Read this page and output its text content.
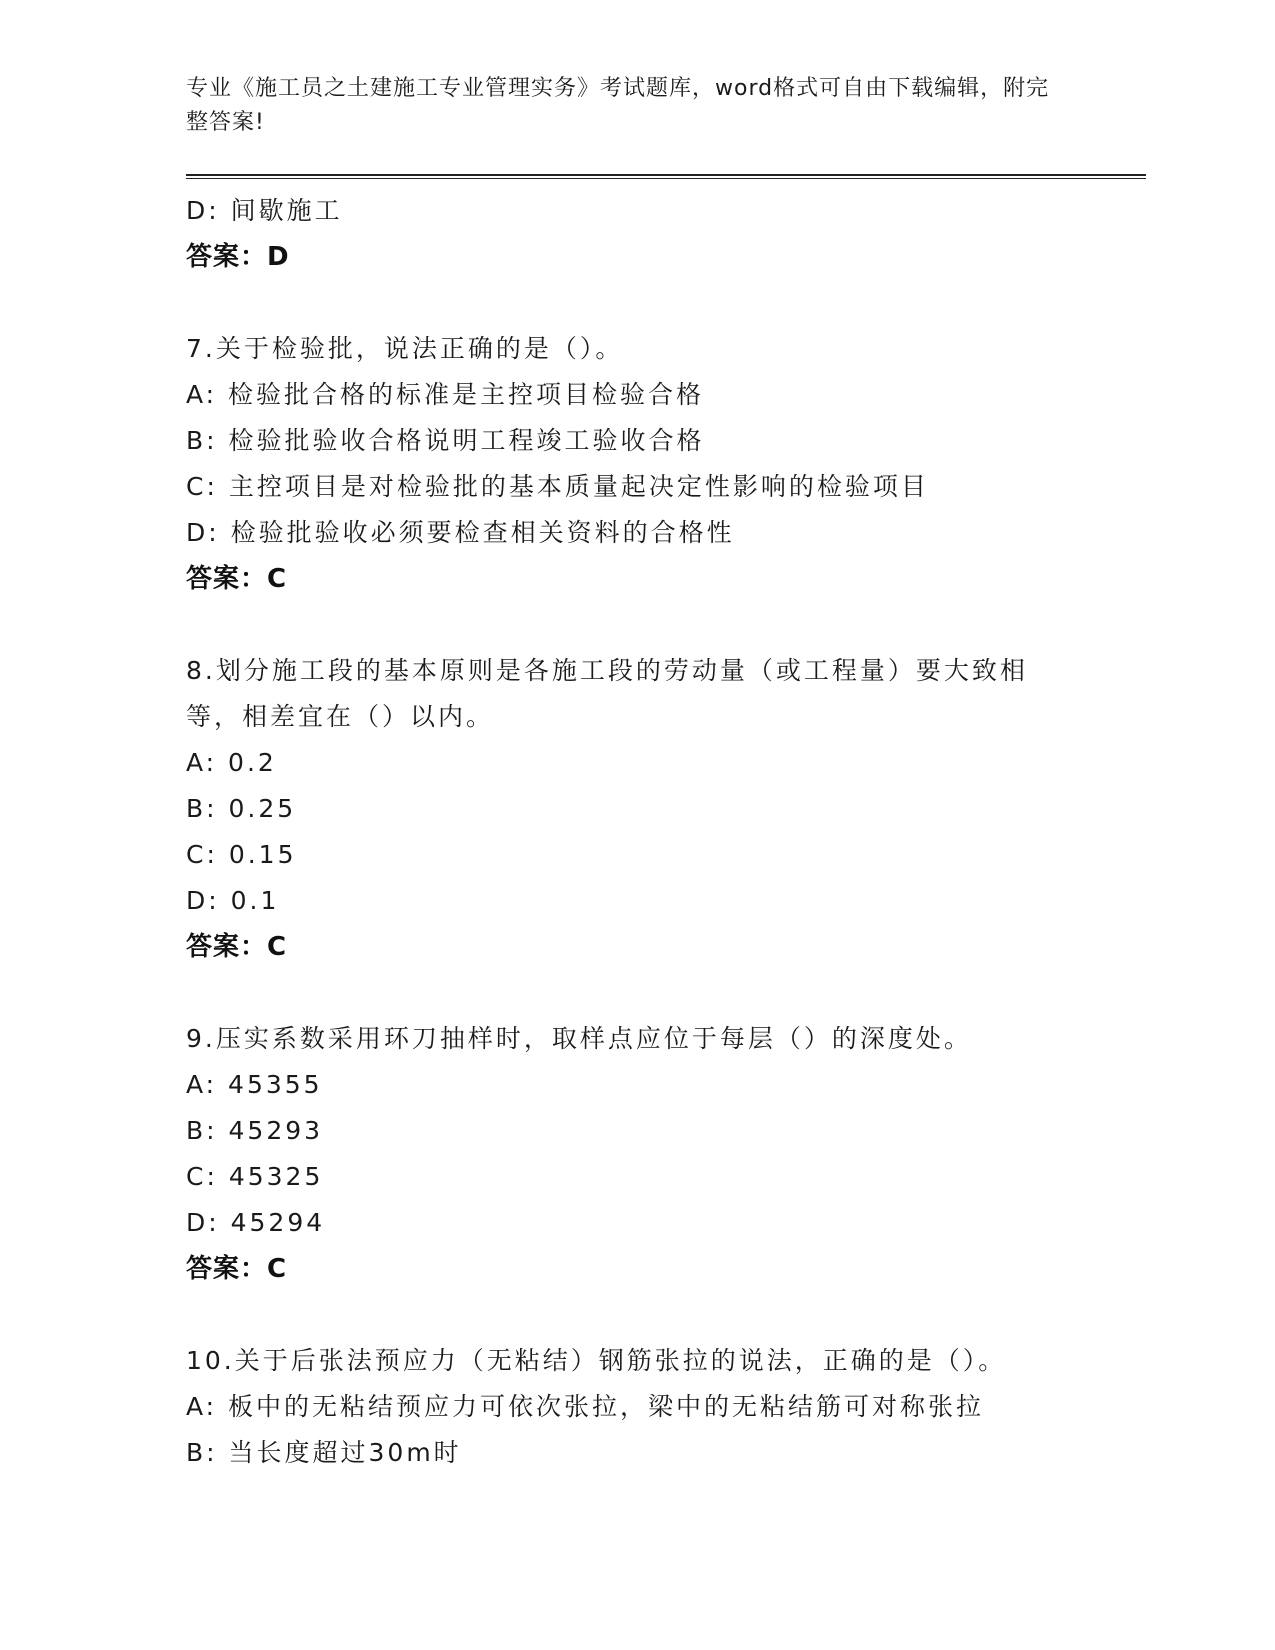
专业《施工员之土建施工专业管理实务》考试题库，word格式可自由下载编辑，附完整答案!
D: 间歇施工
答案：D
7.关于检验批，说法正确的是（）。
A: 检验批合格的标准是主控项目检验合格
B: 检验批验收合格说明工程竣工验收合格
C: 主控项目是对检验批的基本质量起决定性影响的检验项目
D: 检验批验收必须要检查相关资料的合格性
答案：C
8.划分施工段的基本原则是各施工段的劳动量（或工程量）要大致相
等，相差宜在（）以内。
A: 0.2
B: 0.25
C: 0.15
D: 0.1
答案：C
9.压实系数采用环刀抽样时，取样点应位于每层（）的深度处。
A: 45355
B: 45293
C: 45325
D: 45294
答案：C
10.关于后张法预应力（无粘结）钢筋张拉的说法，正确的是（）。
A: 板中的无粘结预应力可依次张拉，梁中的无粘结筋可对称张拉
B: 当长度超过30m时
